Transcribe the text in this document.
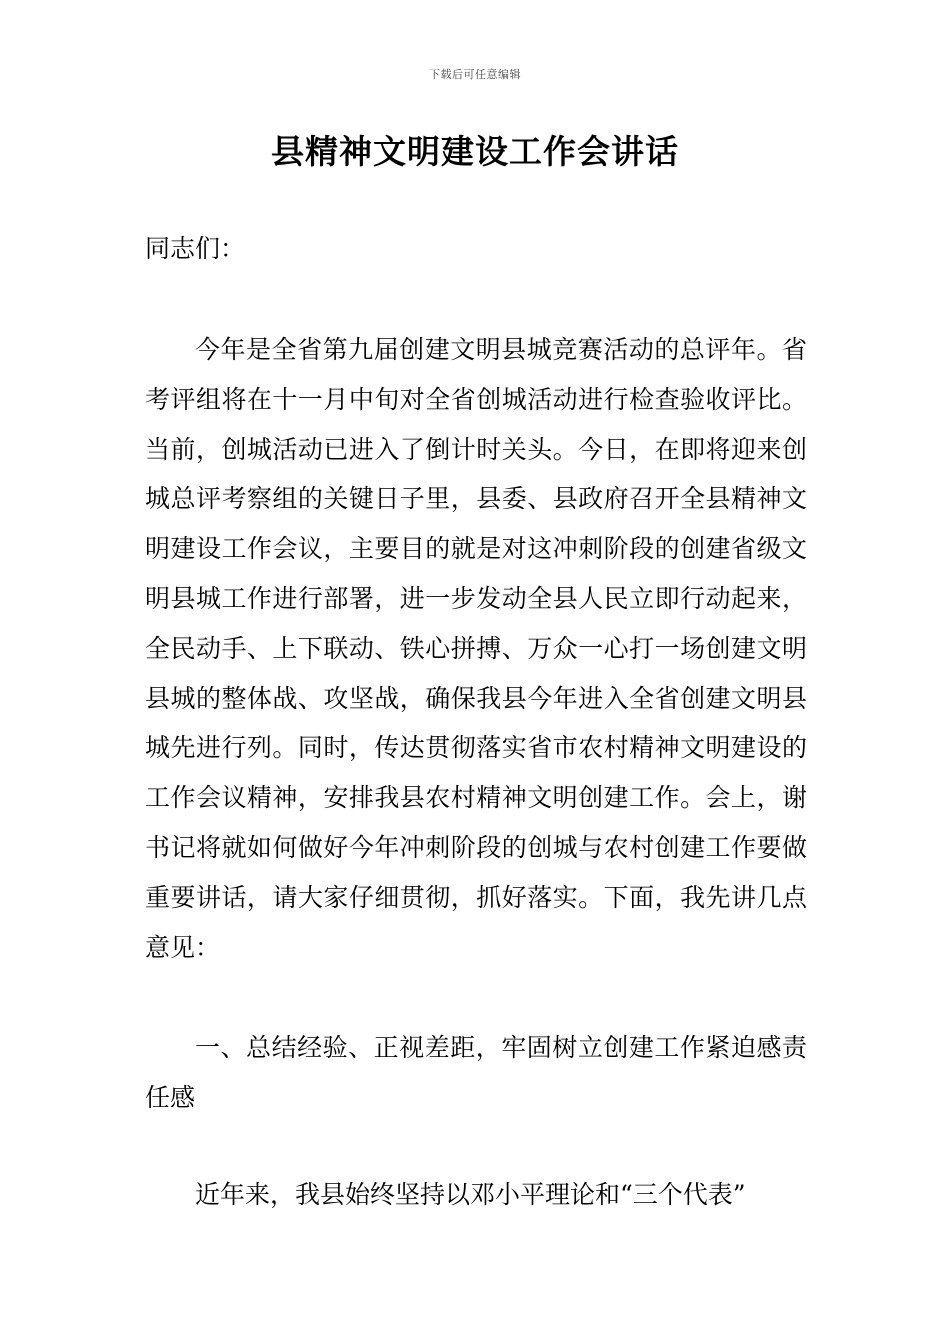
下载后可任意编辑
县精神文明建设工作会讲话

同志们：

今年是全省第九届创建文明县城竞赛活动的总评年。省考评组将在十一月中旬对全省创城活动进行检查验收评比。当前，创城活动已进入了倒计时关头。今日，在即将迎来创城总评考察组的关键日子里，县委、县政府召开全县精神文明建设工作会议，主要目的就是对这冲刺阶段的创建省级文明县城工作进行部署，进一步发动全县人民立即行动起来，全民动手、上下联动、铁心拼搏、万众一心打一场创建文明县城的整体战、攻坚战，确保我县今年进入全省创建文明县城先进行列。同时，传达贯彻落实省市农村精神文明建设的工作会议精神，安排我县农村精神文明创建工作。会上，谢书记将就如何做好今年冲刺阶段的创城与农村创建工作要做重要讲话，请大家仔细贯彻，抓好落实。下面，我先讲几点意见：

一、总结经验、正视差距，牢固树立创建工作紧迫感责任感

近年来，我县始终坚持以邓小平理论和“三个代表”
